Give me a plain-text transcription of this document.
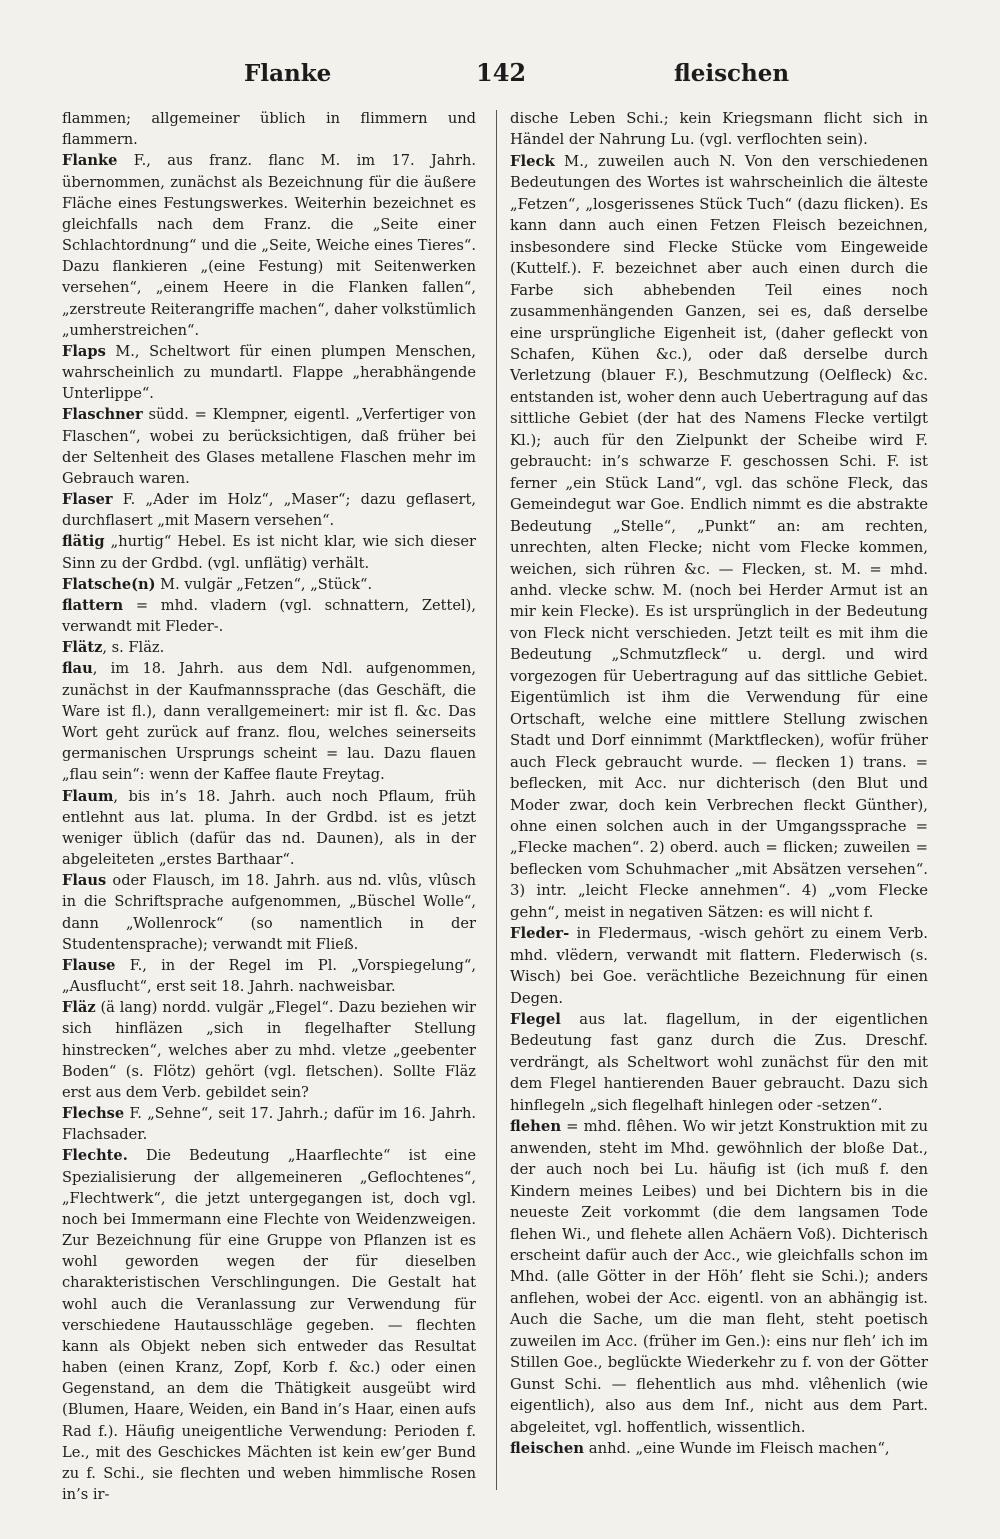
Flanke	142	fleischen

flammen; allgemeiner üblich in flimmern und flammern.

Flanke F., aus franz. flanc M. im 17. Jahrh. übernommen, zunächst als Bezeichnung für die äußere Fläche eines Festungswerkes. Weiterhin bezeichnet es gleichfalls nach dem Franz. die „Seite einer Schlachtordnung“ und die „Seite, Weiche eines Tieres“. Dazu flankieren „(eine Festung) mit Seitenwerken versehen“, „einem Heere in die Flanken fallen“, „zerstreute Reiterangriffe machen“, daher volkstümlich „umherstreichen“.

Flaps M., Scheltwort für einen plumpen Menschen, wahrscheinlich zu mundartl. Flappe „herabhängende Unterlippe“.

Flaschner südd. = Klempner, eigentl. „Verfertiger von Flaschen“, wobei zu berücksichtigen, daß früher bei der Seltenheit des Glases metallene Flaschen mehr im Gebrauch waren.

Flaser F. „Ader im Holz“, „Maser“; dazu geflasert, durchflasert „mit Masern versehen“.

flätig „hurtig“ Hebel. Es ist nicht klar, wie sich dieser Sinn zu der Grdbd. (vgl. unflätig) verhält.

Flatsche(n) M. vulgär „Fetzen“, „Stück“.

flattern = mhd. vladern (vgl. schnattern, Zettel), verwandt mit Fleder-.

Flätz, s. Fläz.

flau, im 18. Jahrh. aus dem Ndl. aufgenommen, zunächst in der Kaufmannssprache (das Geschäft, die Ware ist fl.), dann verallgemeinert: mir ist fl. &c. Das Wort geht zurück auf franz. flou, welches seinerseits germanischen Ursprungs scheint = lau. Dazu flauen „flau sein“: wenn der Kaffee flaute Freytag.

Flaum, bis in’s 18. Jahrh. auch noch Pflaum, früh entlehnt aus lat. pluma. In der Grdbd. ist es jetzt weniger üblich (dafür das nd. Daunen), als in der abgeleiteten „erstes Barthaar“.

Flaus oder Flausch, im 18. Jahrh. aus nd. vlûs, vlûsch in die Schriftsprache aufgenommen, „Büschel Wolle“, dann „Wollenrock“ (so namentlich in der Studentensprache); verwandt mit Fließ.

Flause F., in der Regel im Pl. „Vorspiegelung“, „Ausflucht“, erst seit 18. Jahrh. nachweisbar.

Fläz (ä lang) nordd. vulgär „Flegel“. Dazu beziehen wir sich hinfläzen „sich in flegelhafter Stellung hinstrecken“, welches aber zu mhd. vletze „geebenter Boden“ (s. Flötz) gehört (vgl. fletschen). Sollte Fläz erst aus dem Verb. gebildet sein?

Flechse F. „Sehne“, seit 17. Jahrh.; dafür im 16. Jahrh. Flachsader.

Flechte. Die Bedeutung „Haarflechte“ ist eine Spezialisierung der allgemeineren „Geflochtenes“, „Flechtwerk“, die jetzt untergegangen ist, doch vgl. noch bei Immermann eine Flechte von Weidenzweigen. Zur Bezeichnung für eine Gruppe von Pflanzen ist es wohl geworden wegen der für dieselben charakteristischen Verschlingungen. Die Gestalt hat wohl auch die Veranlassung zur Verwendung für verschiedene Hautausschläge gegeben. — flechten kann als Objekt neben sich entweder das Resultat haben (einen Kranz, Zopf, Korb f. &c.) oder einen Gegenstand, an dem die Thätigkeit ausgeübt wird (Blumen, Haare, Weiden, ein Band in’s Haar, einen aufs Rad f.). Häufig uneigentliche Verwendung: Perioden f. Le., mit des Geschickes Mächten ist kein ew’ger Bund zu f. Schi., sie flechten und weben himmlische Rosen in’s ir-

dische Leben Schi.; kein Kriegsmann flicht sich in Händel der Nahrung Lu. (vgl. verflochten sein).

Fleck M., zuweilen auch N. Von den verschiedenen Bedeutungen des Wortes ist wahrscheinlich die älteste „Fetzen“, „losgerissenes Stück Tuch“ (dazu flicken). Es kann dann auch einen Fetzen Fleisch bezeichnen, insbesondere sind Flecke Stücke vom Eingeweide (Kuttelf.). F. bezeichnet aber auch einen durch die Farbe sich abhebenden Teil eines noch zusammenhängenden Ganzen, sei es, daß derselbe eine ursprüngliche Eigenheit ist, (daher gefleckt von Schafen, Kühen &c.), oder daß derselbe durch Verletzung (blauer F.), Beschmutzung (Oelfleck) &c. entstanden ist, woher denn auch Uebertragung auf das sittliche Gebiet (der hat des Namens Flecke vertilgt Kl.); auch für den Zielpunkt der Scheibe wird F. gebraucht: in’s schwarze F. geschossen Schi. F. ist ferner „ein Stück Land“, vgl. das schöne Fleck, das Gemeindegut war Goe. Endlich nimmt es die abstrakte Bedeutung „Stelle“, „Punkt“ an: am rechten, unrechten, alten Flecke; nicht vom Flecke kommen, weichen, sich rühren &c. — Flecken, st. M. = mhd. anhd. vlecke schw. M. (noch bei Herder Armut ist an mir kein Flecke). Es ist ursprünglich in der Bedeutung von Fleck nicht verschieden. Jetzt teilt es mit ihm die Bedeutung „Schmutzfleck“ u. dergl. und wird vorgezogen für Uebertragung auf das sittliche Gebiet. Eigentümlich ist ihm die Verwendung für eine Ortschaft, welche eine mittlere Stellung zwischen Stadt und Dorf einnimmt (Marktflecken), wofür früher auch Fleck gebraucht wurde. — flecken 1) trans. = beflecken, mit Acc. nur dichterisch (den Blut und Moder zwar, doch kein Verbrechen fleckt Günther), ohne einen solchen auch in der Umgangssprache = „Flecke machen“. 2) oberd. auch = flicken; zuweilen = beflecken vom Schuhmacher „mit Absätzen versehen“. 3) intr. „leicht Flecke annehmen“. 4) „vom Flecke gehn“, meist in negativen Sätzen: es will nicht f.

Fleder- in Fledermaus, -wisch gehört zu einem Verb. mhd. vlëdern, verwandt mit flattern. Flederwisch (s. Wisch) bei Goe. verächtliche Bezeichnung für einen Degen.

Flegel aus lat. flagellum, in der eigentlichen Bedeutung fast ganz durch die Zus. Dreschf. verdrängt, als Scheltwort wohl zunächst für den mit dem Flegel hantierenden Bauer gebraucht. Dazu sich hinflegeln „sich flegelhaft hinlegen oder -setzen“.

flehen = mhd. flêhen. Wo wir jetzt Konstruktion mit zu anwenden, steht im Mhd. gewöhnlich der bloße Dat., der auch noch bei Lu. häufig ist (ich muß f. den Kindern meines Leibes) und bei Dichtern bis in die neueste Zeit vorkommt (die dem langsamen Tode flehen Wi., und flehete allen Achäern Voß). Dichterisch erscheint dafür auch der Acc., wie gleichfalls schon im Mhd. (alle Götter in der Höh’ fleht sie Schi.); anders anflehen, wobei der Acc. eigentl. von an abhängig ist. Auch die Sache, um die man fleht, steht poetisch zuweilen im Acc. (früher im Gen.): eins nur fleh’ ich im Stillen Goe., beglückte Wiederkehr zu f. von der Götter Gunst Schi. — flehentlich aus mhd. vlêhenlich (wie eigentlich), also aus dem Inf., nicht aus dem Part. abgeleitet, vgl. hoffentlich, wissentlich.

fleischen anhd. „eine Wunde im Fleisch machen“,
